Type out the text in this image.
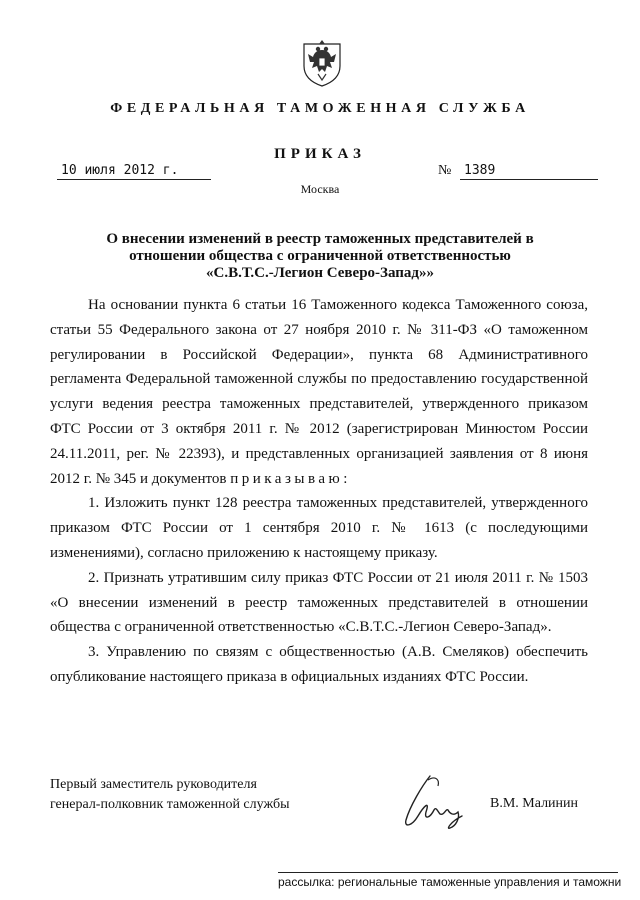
ФЕДЕРАЛЬНАЯ ТАМОЖЕННАЯ СЛУЖБА
ПРИКАЗ
10 июля 2012 г.	№ 1389
Москва
О внесении изменений в реестр таможенных представителей в
отношении общества с ограниченной ответственностью
«С.В.Т.С.-Легион Северо-Запад»»

На основании пункта 6 статьи 16 Таможенного кодекса Таможенного союза, статьи 55 Федерального закона от 27 ноября 2010 г. № 311-ФЗ «О таможенном регулировании в Российской Федерации», пункта 68 Административного регламента Федеральной таможенной службы по предоставлению государственной услуги ведения реестра таможенных представителей, утвержденного приказом ФТС России от 3 октября 2011 г. № 2012 (зарегистрирован Минюстом России 24.11.2011, рег. № 22393), и представленных организацией заявления от 8 июня 2012 г. № 345 и документов приказываю:

1. Изложить пункт 128 реестра таможенных представителей, утвержденного приказом ФТС России от 1 сентября 2010 г. № 1613 (с последующими изменениями), согласно приложению к настоящему приказу.

2. Признать утратившим силу приказ ФТС России от 21 июля 2011 г. № 1503 «О внесении изменений в реестр таможенных представителей в отношении общества с ограниченной ответственностью «С.В.Т.С.-Легион Северо-Запад».

3. Управлению по связям с общественностью (А.В. Смеляков) обеспечить опубликование настоящего приказа в официальных изданиях ФТС России.

Первый заместитель руководителя
генерал-полковник таможенной службы	В.М. Малинин
рассылка: региональные таможенные управления и таможни
